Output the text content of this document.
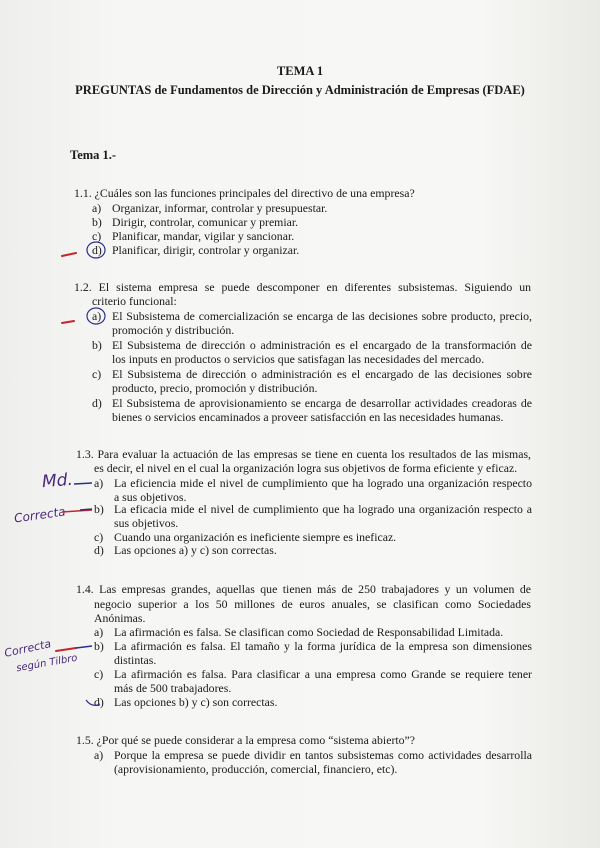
TEMA 1
PREGUNTAS de Fundamentos de Dirección y Administración de Empresas (FDAE)
Tema 1.-
1.1. ¿Cuáles son las funciones principales del directivo de una empresa?
a) Organizar, informar, controlar y presupuestar.
b) Dirigir, controlar, comunicar y premiar.
c) Planificar, mandar, vigilar y sancionar.
d) Planificar, dirigir, controlar y organizar.
1.2. El sistema empresa se puede descomponer en diferentes subsistemas. Siguiendo un
criterio funcional:
a) El Subsistema de comercialización se encarga de las decisiones sobre producto, precio,
promoción y distribución.
b) El Subsistema de dirección o administración es el encargado de la transformación de
los inputs en productos o servicios que satisfagan las necesidades del mercado.
c) El Subsistema de dirección o administración es el encargado de las decisiones sobre
producto, precio, promoción y distribución.
d) El Subsistema de aprovisionamiento se encarga de desarrollar actividades creadoras de
bienes o servicios encaminados a proveer satisfacción en las necesidades humanas.
1.3. Para evaluar la actuación de las empresas se tiene en cuenta los resultados de las mismas,
es decir, el nivel en el cual la organización logra sus objetivos de forma eficiente y eficaz.
a) La eficiencia mide el nivel de cumplimiento que ha logrado una organización respecto
a sus objetivos.
b) La eficacia mide el nivel de cumplimiento que ha logrado una organización respecto a
sus objetivos.
c) Cuando una organización es ineficiente siempre es ineficaz.
d) Las opciones a) y c) son correctas.
1.4. Las empresas grandes, aquellas que tienen más de 250 trabajadores y un volumen de
negocio superior a los 50 millones de euros anuales, se clasifican como Sociedades
Anónimas.
a) La afirmación es falsa. Se clasifican como Sociedad de Responsabilidad Limitada.
b) La afirmación es falsa. El tamaño y la forma jurídica de la empresa son dimensiones
distintas.
c) La afirmación es falsa. Para clasificar a una empresa como Grande se requiere tener
más de 500 trabajadores.
d) Las opciones b) y c) son correctas.
1.5. ¿Por qué se puede considerar a la empresa como “sistema abierto”?
a) Porque la empresa se puede dividir en tantos subsistemas como actividades desarrolla
(aprovisionamiento, producción, comercial, financiero, etc).
Md.
Correcta
Correcta
según Tilbro
